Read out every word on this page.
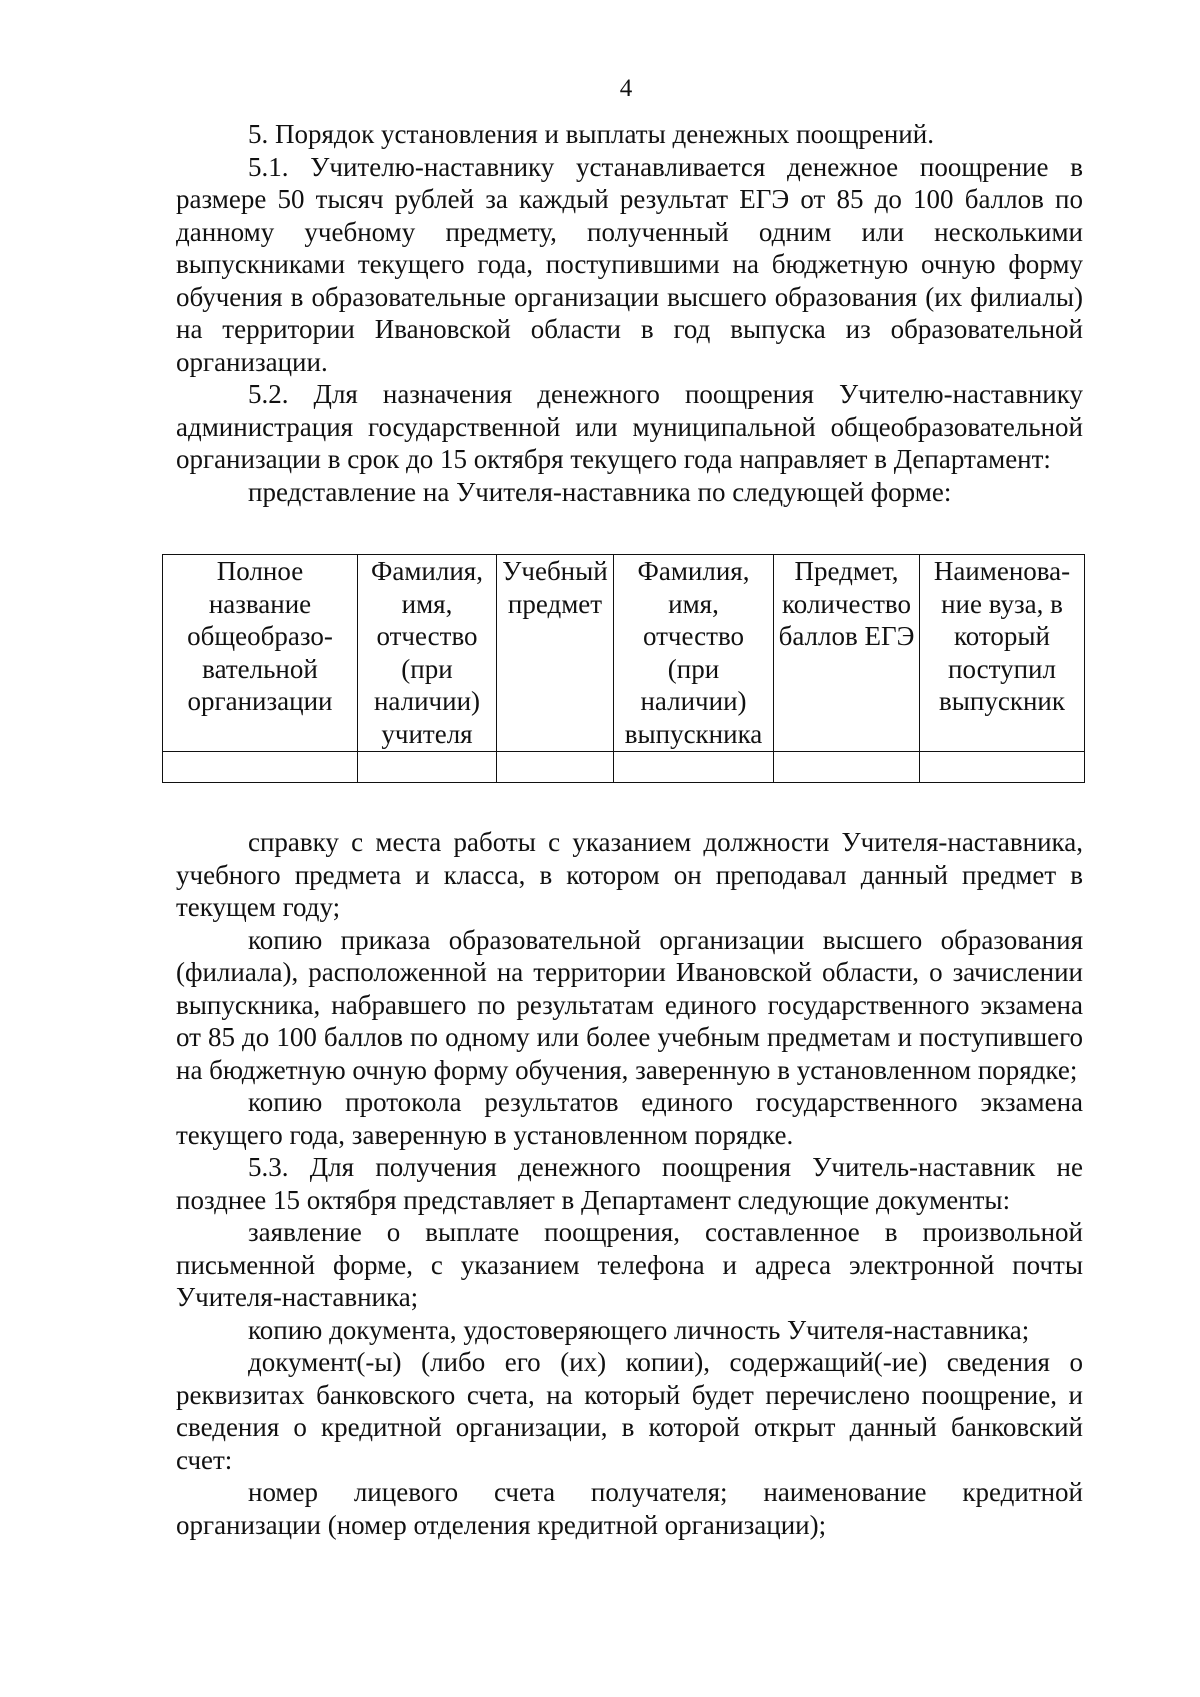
4

5. Порядок установления и выплаты денежных поощрений.

5.1. Учителю-наставнику устанавливается денежное поощрение в размере 50 тысяч рублей за каждый результат ЕГЭ от 85 до 100 баллов по данному учебному предмету, полученный одним или несколькими выпускниками текущего года, поступившими на бюджетную очную форму обучения в образовательные организации высшего образования (их филиалы) на территории Ивановской области в год выпуска из образовательной организации.

5.2. Для назначения денежного поощрения Учителю-наставнику администрация государственной или муниципальной общеобразовательной организации в срок до 15 октября текущего года направляет в Департамент:

представление на Учителя-наставника по следующей форме:

Полное название общеобразо-вательной организации	Фамилия, имя, отчество (при наличии) учителя	Учебный предмет	Фамилия, имя, отчество (при наличии) выпускника	Предмет, количество баллов ЕГЭ	Наименова-ние вуза, в который поступил выпускник

справку с места работы с указанием должности Учителя-наставника, учебного предмета и класса, в котором он преподавал данный предмет в текущем году;

копию приказа образовательной организации высшего образования (филиала), расположенной на территории Ивановской области, о зачислении выпускника, набравшего по результатам единого государственного экзамена от 85 до 100 баллов по одному или более учебным предметам и поступившего на бюджетную очную форму обучения, заверенную в установленном порядке;

копию протокола результатов единого государственного экзамена текущего года, заверенную в установленном порядке.

5.3. Для получения денежного поощрения Учитель-наставник не позднее 15 октября представляет в Департамент следующие документы:

заявление о выплате поощрения, составленное в произвольной письменной форме, с указанием телефона и адреса электронной почты Учителя-наставника;

копию документа, удостоверяющего личность Учителя-наставника;

документ(-ы) (либо его (их) копии), содержащий(-ие) сведения о реквизитах банковского счета, на который будет перечислено поощрение, и сведения о кредитной организации, в которой открыт данный банковский счет:

номер лицевого счета получателя; наименование кредитной организации (номер отделения кредитной организации);
